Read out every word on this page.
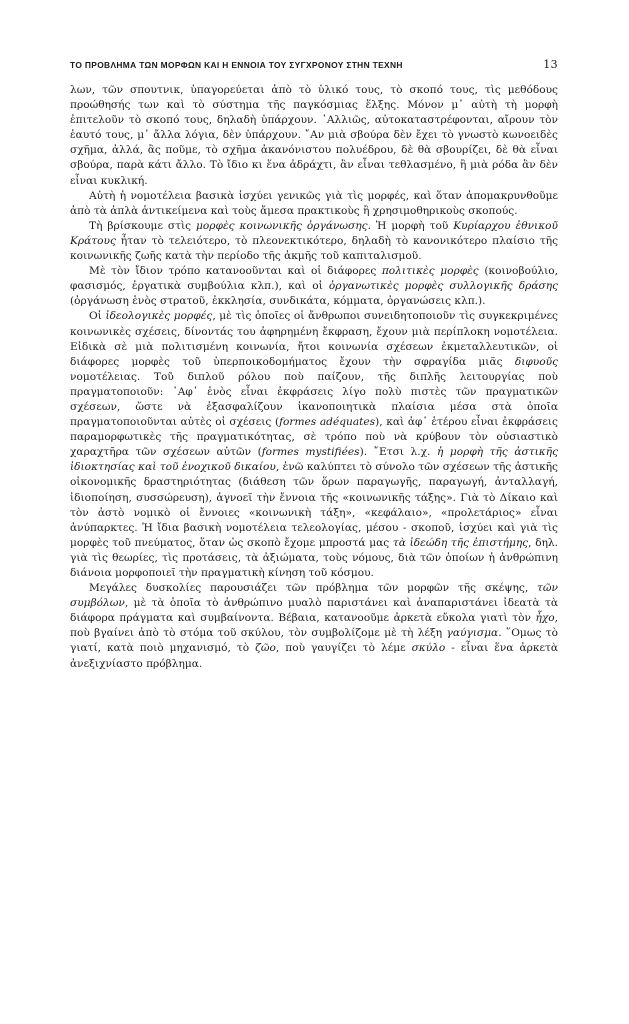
ΤΟ ΠΡΟΒΛΗΜΑ ΤΩΝ ΜΟΡΦΩΝ ΚΑΙ Η ΕΝΝΟΙΑ ΤΟΥ ΣΥΓΧΡΟΝΟΥ ΣΤΗΝ ΤΕΧΝΗ	13

λων, τῶν σπουτνικ, ὑπαγορεύεται ἀπὸ τὸ ὑλικό τους, τὸ σκοπό τους, τὶς μεθόδους προώθησής των καὶ τὸ σύστημα τῆς παγκόσμιας ἕλξης. Μόνον μ᾽ αὐτὴ τὴ μορφὴ ἐπιτελοῦν τὸ σκοπό τους, δηλαδὴ ὑπάρχουν. ᾽Αλλιῶς, αὐτοκαταστρέφονται, αἴρουν τὸν ἑαυτό τους, μ᾽ ἄλλα λόγια, δὲν ὑπάρχουν. ῎Αν μιὰ σβούρα δὲν ἔχει τὸ γνωστὸ κωνοειδὲς σχῆμα, ἀλλά, ἂς ποῦμε, τὸ σχῆμα ἀκανόνιστου πολυέδρου, δὲ θὰ σβουρίζει, δὲ θὰ εἶναι σβούρα, παρὰ κάτι ἄλλο. Τὸ ἴδιο κι ἕνα ἀδράχτι, ἂν εἶναι τεθλασμένο, ἢ μιὰ ρόδα ἂν δὲν εἶναι κυκλική.

Αὐτὴ ἡ νομοτέλεια βασικὰ ἰσχύει γενικῶς γιὰ τὶς μορφές, καὶ ὅταν ἀπομακρυνθοῦμε ἀπὸ τὰ ἁπλὰ ἀντικείμενα καὶ τοὺς ἄμεσα πρακτικοὺς ἢ χρησιμοθηρικοὺς σκοπούς.

Τὴ βρίσκουμε στὶς μορφὲς κοινωνικῆς ὀργάνωσης. Ἡ μορφὴ τοῦ Κυρίαρχου ἐθνικοῦ Κράτους ἦταν τὸ τελειότερο, τὸ πλεονεκτικότερο, δηλαδὴ τὸ κανονικότερο πλαίσιο τῆς κοινωνικῆς ζωῆς κατὰ τὴν περίοδο τῆς ἀκμῆς τοῦ καπιταλισμοῦ.

Μὲ τὸν ἴδιον τρόπο κατανοοῦνται καὶ οἱ διάφορες πολιτικὲς μορφὲς (κοινοβούλιο, φασισμός, ἐργατικὰ συμβούλια κλπ.), καὶ οἱ ὀργανωτικὲς μορφὲς συλλογικῆς δράσης (ὀργάνωση ἑνὸς στρατοῦ, ἐκκλησία, συνδικάτα, κόμματα, ὀργανώσεις κλπ.).

Οἱ ἰδεολογικὲς μορφές, μὲ τὶς ὁποῖες οἱ ἄνθρωποι συνειδητοποιοῦν τὶς συγκεκριμένες κοινωνικὲς σχέσεις, δίνοντάς του ἀφηρημένη ἔκφραση, ἔχουν μιὰ περίπλοκη νομοτέλεια. Εἰδικὰ σὲ μιὰ πολιτισμένη κοινωνία, ἤτοι κοινωνία σχέσεων ἐκμεταλλευτικῶν, οἱ διάφορες μορφὲς τοῦ ὑπερποικοδομήματος ἔχουν τὴν σφραγίδα μιᾶς διφυοῦς νομοτέλειας. Τοῦ διπλοῦ ρόλου ποὺ παίζουν, τῆς διπλῆς λειτουργίας ποὺ πραγματοποιοῦν: ᾽Αφ᾽ ἑνὸς εἶναι ἐκφράσεις λίγο πολὺ πιστὲς τῶν πραγματικῶν σχέσεων, ὥστε νὰ ἐξασφαλίζουν ἱκανοποιητικὰ πλαίσια μέσα στὰ ὁποῖα πραγματοποιοῦνται αὐτὲς οἱ σχέσεις (formes adéquates), καὶ ἀφ᾽ ἑτέρου εἶναι ἐκφράσεις παραμορφωτικὲς τῆς πραγματικότητας, σὲ τρόπο ποὺ νὰ κρύβουν τὸν οὐσιαστικὸ χαραχτῆρα τῶν σχέσεων αὐτῶν (formes mystifiées). ῎Ετσι λ.χ. ἡ μορφὴ τῆς ἀστικῆς ἰδιοκτησίας καὶ τοῦ ἐνοχικοῦ δικαίου, ἐνῶ καλύπτει τὸ σύνολο τῶν σχέσεων τῆς ἀστικῆς οἰκονομικῆς δραστηριότητας (διάθεση τῶν ὅρων παραγωγῆς, παραγωγή, ἀνταλλαγή, ἰδιοποίηση, συσσώρευση), ἀγνοεῖ τὴν ἔννοια τῆς «κοινωνικῆς τάξης». Γιὰ τὸ Δίκαιο καὶ τὸν ἀστὸ νομικὸ οἱ ἔννοιες «κοινωνικὴ τάξη», «κεφάλαιο», «προλετάριος» εἶναι ἀνύπαρκτες. Ἡ ἴδια βασικὴ νομοτέλεια τελεολογίας, μέσου - σκοποῦ, ἰσχύει καὶ γιὰ τὶς μορφὲς τοῦ πνεύματος, ὅταν ὡς σκοπὸ ἔχομε μπροστά μας τὰ ἰδεώδη τῆς ἐπιστήμης, δηλ. γιὰ τὶς θεωρίες, τὶς προτάσεις, τὰ ἀξιώματα, τοὺς νόμους, διὰ τῶν ὁποίων ἡ ἀνθρώπινη διάνοια μορφοποιεῖ τὴν πραγματικὴ κίνηση τοῦ κόσμου.

Μεγάλες δυσκολίες παρουσιάζει τῶν πρόβλημα τῶν μορφῶν τῆς σκέψης, τῶν συμβόλων, μὲ τὰ ὁποῖα τὸ ἀνθρώπινο μυαλὸ παριστάνει καὶ ἀναπαριστάνει ἰδεατὰ τὰ διάφορα πράγματα καὶ συμβαίνοντα. Βέβαια, κατανοοῦμε ἀρκετὰ εὔκολα γιατὶ τὸν ἦχο, ποὺ βγαίνει ἀπὸ τὸ στόμα τοῦ σκύλου, τὸν συμβολίζομε μὲ τὴ λέξη γαύγισμα. ῞Ομως τὸ γιατί, κατὰ ποιὸ μηχανισμό, τὸ ζῶο, ποὺ γαυγίζει τὸ λέμε σκύλο - εἶναι ἕνα ἀρκετὰ ἀνεξιχνίαστο πρόβλημα.
